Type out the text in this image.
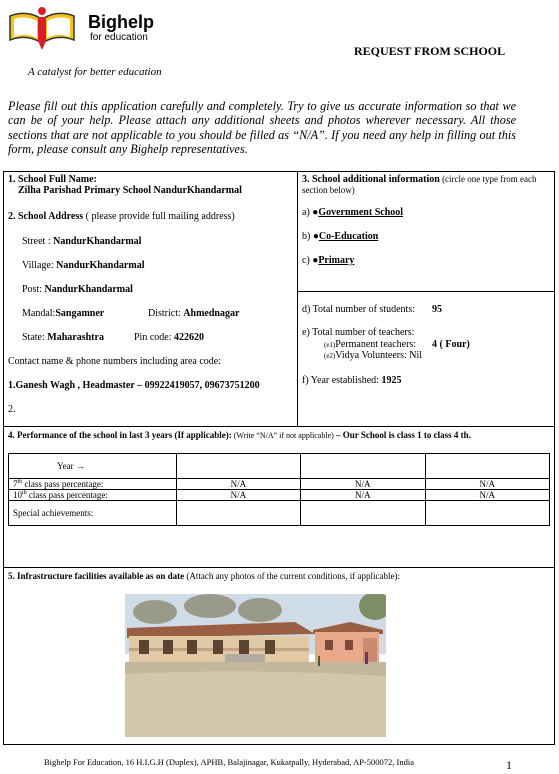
Bighelp
for education
A catalyst for better education
REQUEST FROM SCHOOL
Please fill out this application carefully and completely. Try to give us accurate information so that we can be of your help. Please attach any additional sheets and photos wherever necessary. All those sections that are not applicable to you should be filled as “N/A”. If you need any help in filling out this form, please consult any Bighelp representatives.
1. School Full Name:
Zilha Parishad Primary School NandurKhandarmal
2. School Address ( please provide full mailing address)
Street : NandurKhandarmal
Village: NandurKhandarmal
Post: NandurKhandarmal
Mandal:Sangamner	District: Ahmednagar
State: Maharashtra	Pin code: 422620
Contact name & phone numbers including area code:
1.Ganesh Wagh , Headmaster – 09922419057, 09673751200
2.
3. School additional information (circle one type from each section below)
a) ●Government School
b) ●Co-Education
c) ●Primary
d) Total number of students: 95
e) Total number of teachers:
(e1)Permanent teachers: 4 ( Four)
(e2)Vidya Volunteers: Nil
f) Year established: 1925
4. Performance of the school in last 3 years (If applicable): (Write “N/A” if not applicable) – Our School is class 1 to class 4 th.
Year →			
7th class pass percentage:	N/A	N/A	N/A
10th class pass percentage:	N/A	N/A	N/A
Special achievements:			
5. Infrastructure facilities available as on date (Attach any photos of the current conditions, if applicable):
Bighelp For Education, 16 H.I.G.H (Duplex), APHB, Balajinagar, Kukatpally, Hyderabad, AP-500072, India	1
